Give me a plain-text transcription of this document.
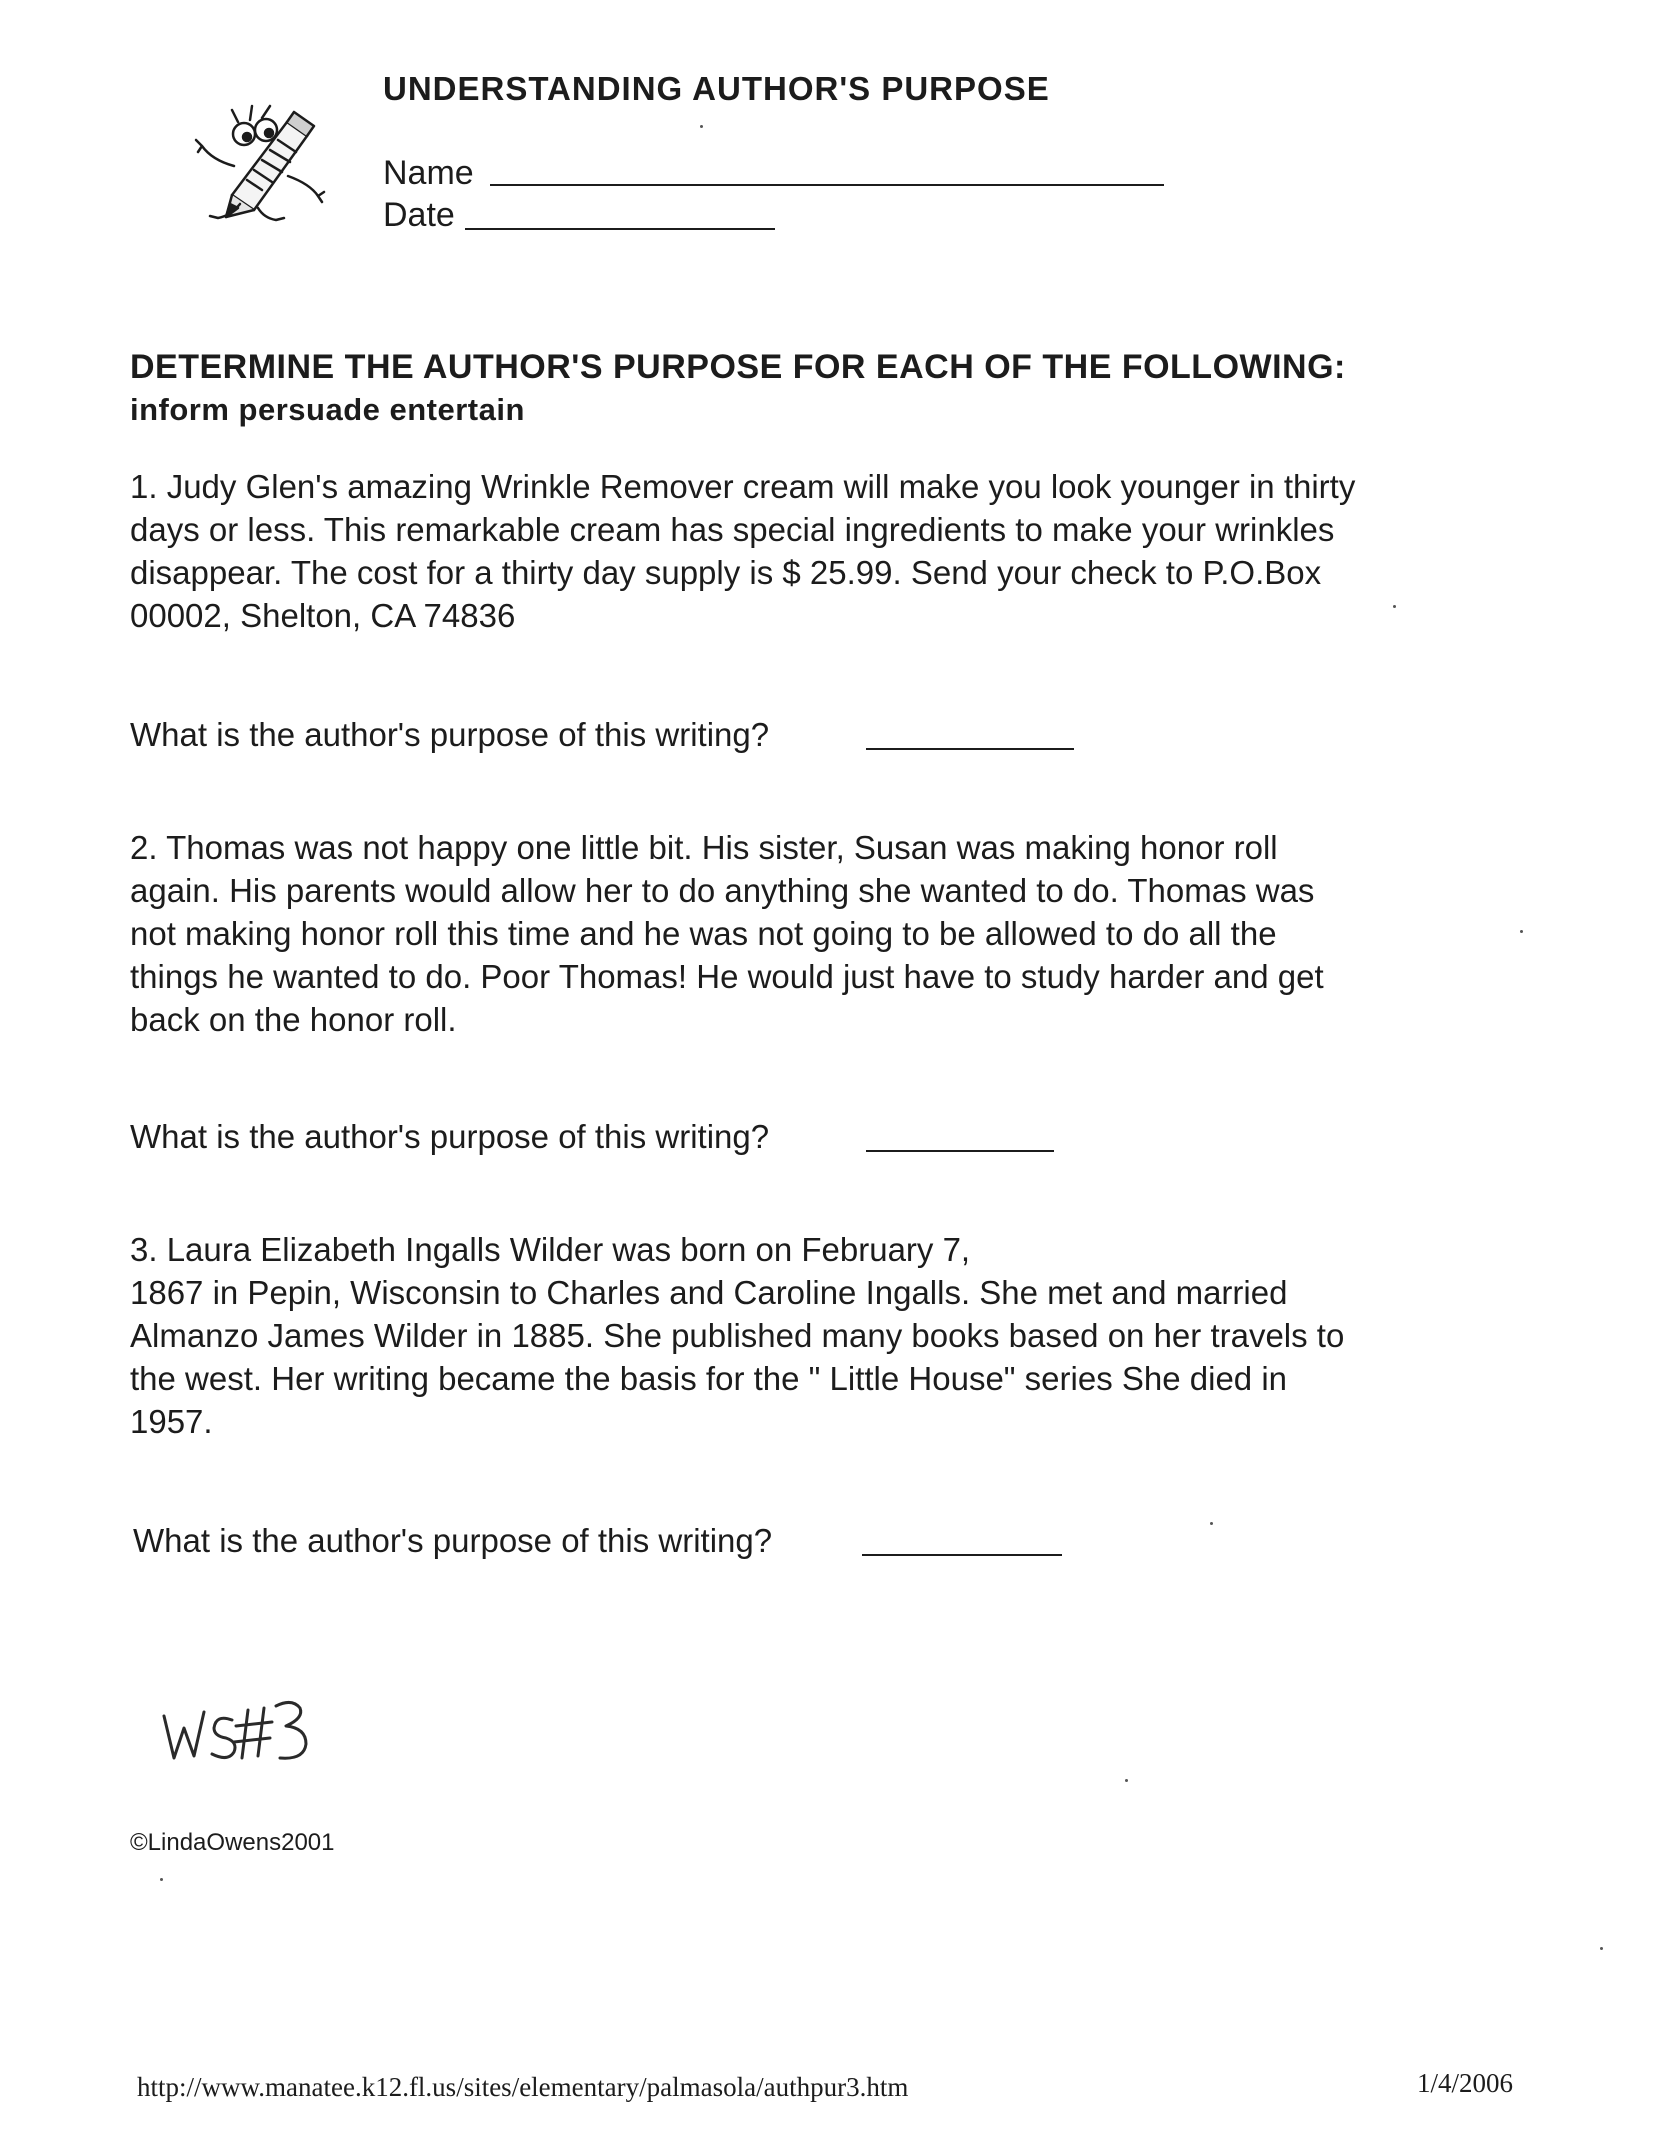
UNDERSTANDING AUTHOR'S PURPOSE
Name
Date
DETERMINE THE AUTHOR'S PURPOSE FOR EACH OF THE FOLLOWING:
inform persuade entertain
1. Judy Glen's amazing Wrinkle Remover cream will make you look younger in thirty
days or less. This remarkable cream has special ingredients to make your wrinkles
disappear. The cost for a thirty day supply is $ 25.99. Send your check to P.O.Box
00002, Shelton, CA 74836
What is the author's purpose of this writing?
2. Thomas was not happy one little bit. His sister, Susan was making honor roll
again. His parents would allow her to do anything she wanted to do. Thomas was
not making honor roll this time and he was not going to be allowed to do all the
things he wanted to do. Poor Thomas! He would just have to study harder and get
back on the honor roll.
What is the author's purpose of this writing?
3. Laura Elizabeth Ingalls Wilder was born on February 7,
1867 in Pepin, Wisconsin to Charles and Caroline Ingalls. She met and married
Almanzo James Wilder in 1885. She published many books based on her travels to
the west. Her writing became the basis for the " Little House" series She died in
1957.
What is the author's purpose of this writing?
©LindaOwens2001
http://www.manatee.k12.fl.us/sites/elementary/palmasola/authpur3.htm	1/4/2006
